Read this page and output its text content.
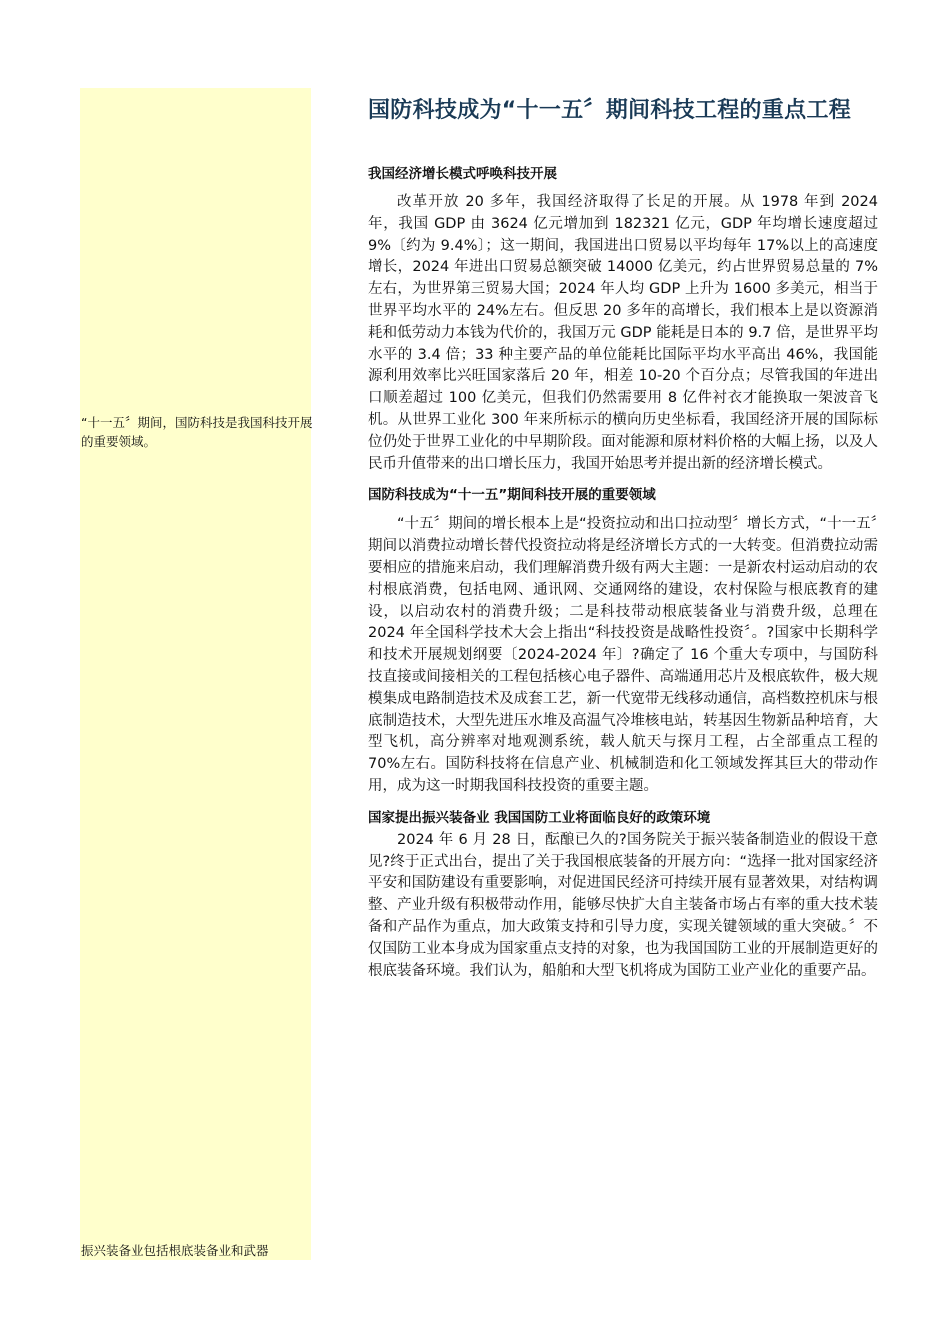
“十一五〞期间，国防科技是我国科技开展的重要领域。
振兴装备业包括根底装备业和武器
国防科技成为“十一五〞期间科技工程的重点工程
我国经济增长模式呼唤科技开展

改革开放 20 多年，我国经济取得了长足的开展。从 1978 年到 2024 年，我国 GDP 由 3624 亿元增加到 182321 亿元，GDP 年均增长速度超过 9%〔约为 9.4%〕；这一期间，我国进出口贸易以平均每年 17%以上的高速度增长，2024 年进出口贸易总额突破 14000 亿美元，约占世界贸易总量的 7%左右，为世界第三贸易大国；2024 年人均 GDP 上升为 1600 多美元，相当于世界平均水平的 24%左右。但反思 20 多年的高增长，我们根本上是以资源消耗和低劳动力本钱为代价的，我国万元 GDP 能耗是日本的 9.7 倍，是世界平均水平的 3.4 倍；33 种主要产品的单位能耗比国际平均水平高出 46%，我国能源利用效率比兴旺国家落后 20 年，相差 10-20 个百分点；尽管我国的年进出口顺差超过 100 亿美元，但我们仍然需要用 8 亿件衬衣才能换取一架波音飞机。从世界工业化 300 年来所标示的横向历史坐标看，我国经济开展的国际标位仍处于世界工业化的中早期阶段。面对能源和原材料价格的大幅上扬，以及人民币升值带来的出口增长压力，我国开始思考并提出新的经济增长模式。

国防科技成为“十一五”期间科技开展的重要领域

“十五〞期间的增长根本上是“投资拉动和出口拉动型〞增长方式，“十一五〞期间以消费拉动增长替代投资拉动将是经济增长方式的一大转变。但消费拉动需要相应的措施来启动，我们理解消费升级有两大主题：一是新农村运动启动的农村根底消费，包括电网、通讯网、交通网络的建设，农村保险与根底教育的建设，以启动农村的消费升级；二是科技带动根底装备业与消费升级，总理在 2024 年全国科学技术大会上指出“科技投资是战略性投资〞。?国家中长期科学和技术开展规划纲要〔2024-2024 年〕?确定了 16 个重大专项中，与国防科技直接或间接相关的工程包括核心电子器件、高端通用芯片及根底软件，极大规模集成电路制造技术及成套工艺，新一代宽带无线移动通信，高档数控机床与根底制造技术，大型先进压水堆及高温气冷堆核电站，转基因生物新品种培育，大型飞机，高分辨率对地观测系统，载人航天与探月工程，占全部重点工程的 70%左右。国防科技将在信息产业、机械制造和化工领域发挥其巨大的带动作用，成为这一时期我国科技投资的重要主题。

国家提出振兴装备业 我国国防工业将面临良好的政策环境

2024 年 6 月 28 日，酝酿已久的?国务院关于振兴装备制造业的假设干意见?终于正式出台，提出了关于我国根底装备的开展方向：“选择一批对国家经济平安和国防建设有重要影响，对促进国民经济可持续开展有显著效果，对结构调整、产业升级有积极带动作用，能够尽快扩大自主装备市场占有率的重大技术装备和产品作为重点，加大政策支持和引导力度，实现关键领域的重大突破。〞不仅国防工业本身成为国家重点支持的对象，也为我国国防工业的开展制造更好的根底装备环境。我们认为，船舶和大型飞机将成为国防工业产业化的重要产品。
